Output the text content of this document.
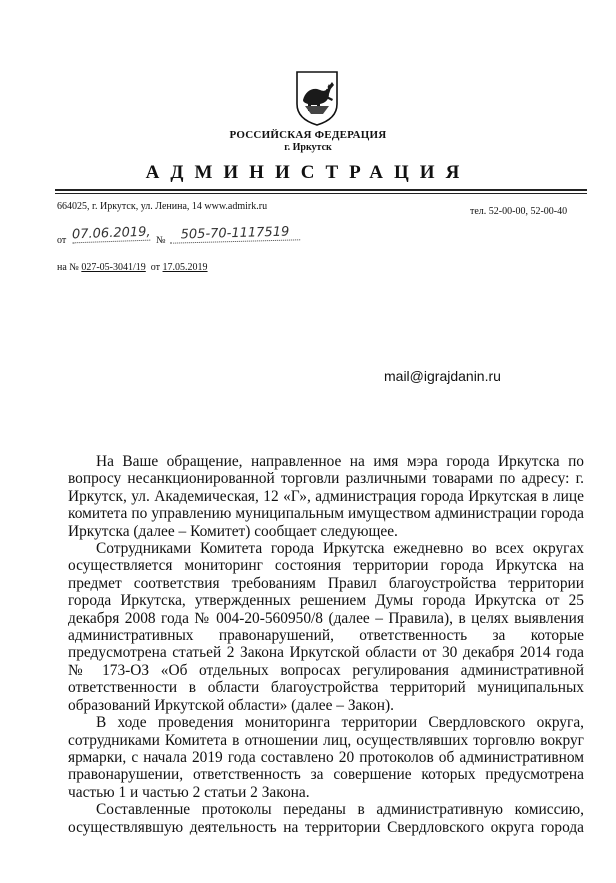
РОССИЙСКАЯ ФЕДЕРАЦИЯ
г. Иркутск
АДМИНИСТРАЦИЯ
664025, г. Иркутск, ул. Ленина, 14 www.admirk.ru	тел. 52-00-00, 52-00-40
от 07.06.2019, №	505-70-1117519
на № 027-05-3041/19 от 17.05.2019
mail@igrajdanin.ru

На Ваше обращение, направленное на имя мэра города Иркутска по вопросу несанкционированной торговли различными товарами по адресу: г. Иркутск, ул. Академическая, 12 «Г», администрация города Иркутская в лице комитета по управлению муниципальным имуществом администрации города Иркутска (далее – Комитет) сообщает следующее.

Сотрудниками Комитета города Иркутска ежедневно во всех округах осуществляется мониторинг состояния территории города Иркутска на предмет соответствия требованиям Правил благоустройства территории города Иркутска, утвержденных решением Думы города Иркутска от 25 декабря 2008 года № 004-20-560950/8 (далее – Правила), в целях выявления административных правонарушений, ответственность за которые предусмотрена статьей 2 Закона Иркутской области от 30 декабря 2014 года № 173-ОЗ «Об отдельных вопросах регулирования административной ответственности в области благоустройства территорий муниципальных образований Иркутской области» (далее – Закон).

В ходе проведения мониторинга территории Свердловского округа, сотрудниками Комитета в отношении лиц, осуществлявших торговлю вокруг ярмарки, с начала 2019 года составлено 20 протоколов об административном правонарушении, ответственность за совершение которых предусмотрена частью 1 и частью 2 статьи 2 Закона.

Составленные протоколы переданы в административную комиссию, осуществлявшую деятельность на территории Свердловского округа города
